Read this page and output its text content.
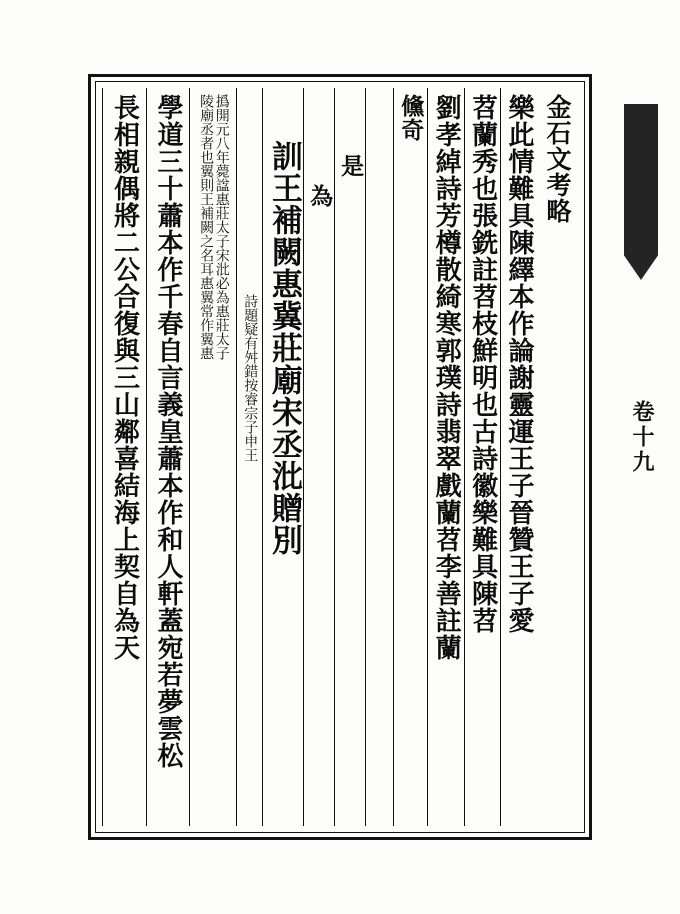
金石文考略
樂此情難具陳繹本作論謝靈運王子晉贊王子愛
苕蘭秀也張銑註苕枝鮮明也古詩徽樂難具陳苕
劉孝綽詩芳樽散綺寒郭璞詩翡翠戲蘭苕李善註蘭
儵奇
是
為
訓王補闕惠冀莊廟宋丞沘贈別
詩題疑有舛錯按睿宗子申王
撝開元八年薨諡惠莊太子宋沘必為惠莊太子
陵廟丞者也翼則王補闕之名耳惠翼常作翼惠
學道三十蕭本作千春自言義皇蕭本作和人軒蓋宛若夢雲松
長相親偶將二公合復與三山鄰喜結海上契自為天	卷十九
